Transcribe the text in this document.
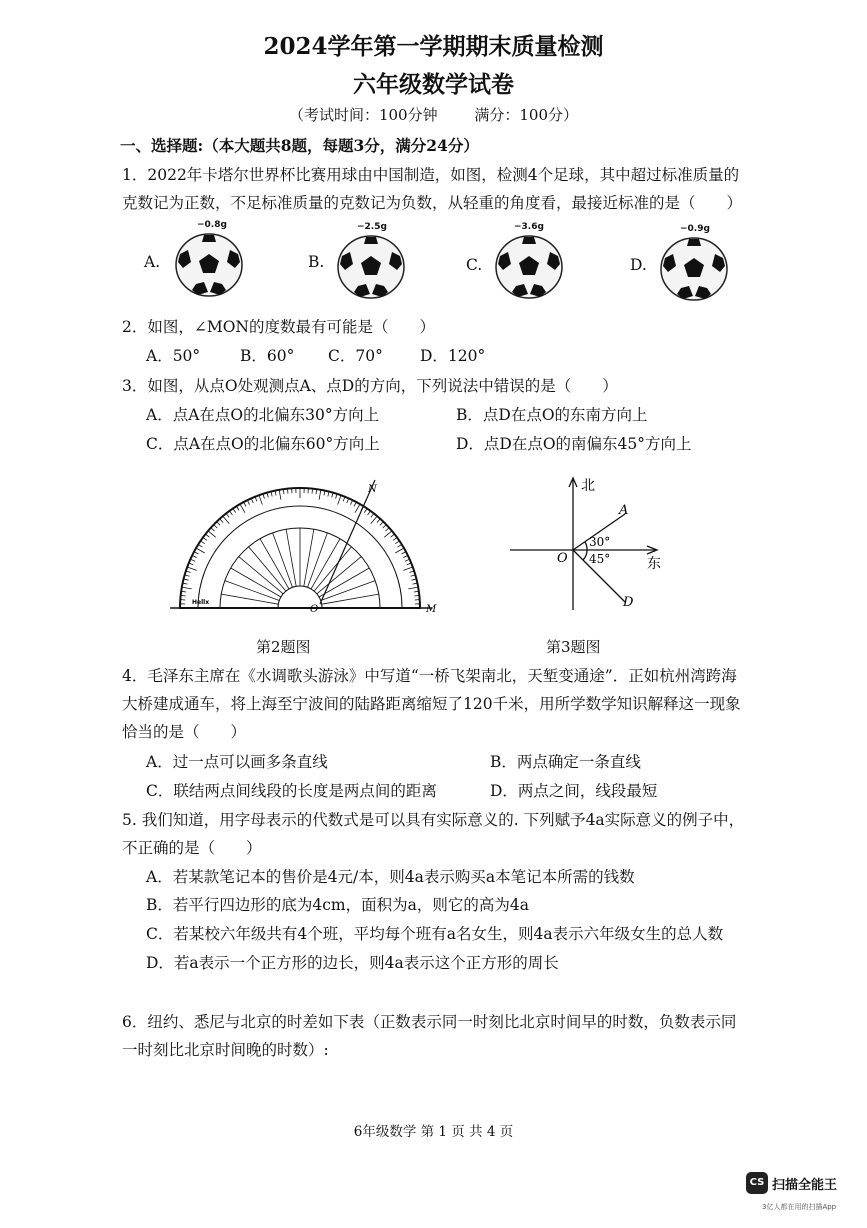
2024学年第一学期期末质量检测
六年级数学试卷
（考试时间：100分钟 满分：100分）
一、选择题:（本大题共8题，每题3分，满分24分）
1．2022年卡塔尔世界杯比赛用球由中国制造，如图，检测4个足球，其中超过标准质量的
克数记为正数，不足标准质量的克数记为负数，从轻重的角度看，最接近标准的是（　　）
A.
−0.8g
B.
−2.5g
C.
−3.6g
D.
−0.9g
2．如图，∠MON的度数最有可能是（　　）
A．50°	B．60° C．70° D．120°
3．如图，从点O处观测点A、点D的方向，下列说法中错误的是（　　）
A．点A在点O的北偏东30°方向上	B．点D在点O的东南方向上
C．点A在点O的北偏东60°方向上	D．点D在点O的南偏东45°方向上
N
O	M
Hellx
第2题图
北
东
A
D
O
30°
45°
第3题图
4．毛泽东主席在《水调歌头游泳》中写道“一桥飞架南北，天堑变通途”．正如杭州湾跨海
大桥建成通车，将上海至宁波间的陆路距离缩短了120千米，用所学数学知识解释这一现象
恰当的是（　　）
A．过一点可以画多条直线	B．两点确定一条直线
C．联结两点间线段的长度是两点间的距离	D．两点之间，线段最短
5. 我们知道，用字母表示的代数式是可以具有实际意义的. 下列赋予4a实际意义的例子中，
不正确的是（　　）
A．若某款笔记本的售价是4元/本，则4a表示购买a本笔记本所需的钱数
B．若平行四边形的底为4cm，面积为a，则它的高为4a
C．若某校六年级共有4个班，平均每个班有a名女生，则4a表示六年级女生的总人数
D．若a表示一个正方形的边长，则4a表示这个正方形的周长
6．纽约、悉尼与北京的时差如下表（正数表示同一时刻比北京时间早的时数，负数表示同
一时刻比北京时间晚的时数）:
6年级数学 第 1 页 共 4 页
CS 扫描全能王
3亿人都在用的扫描App
